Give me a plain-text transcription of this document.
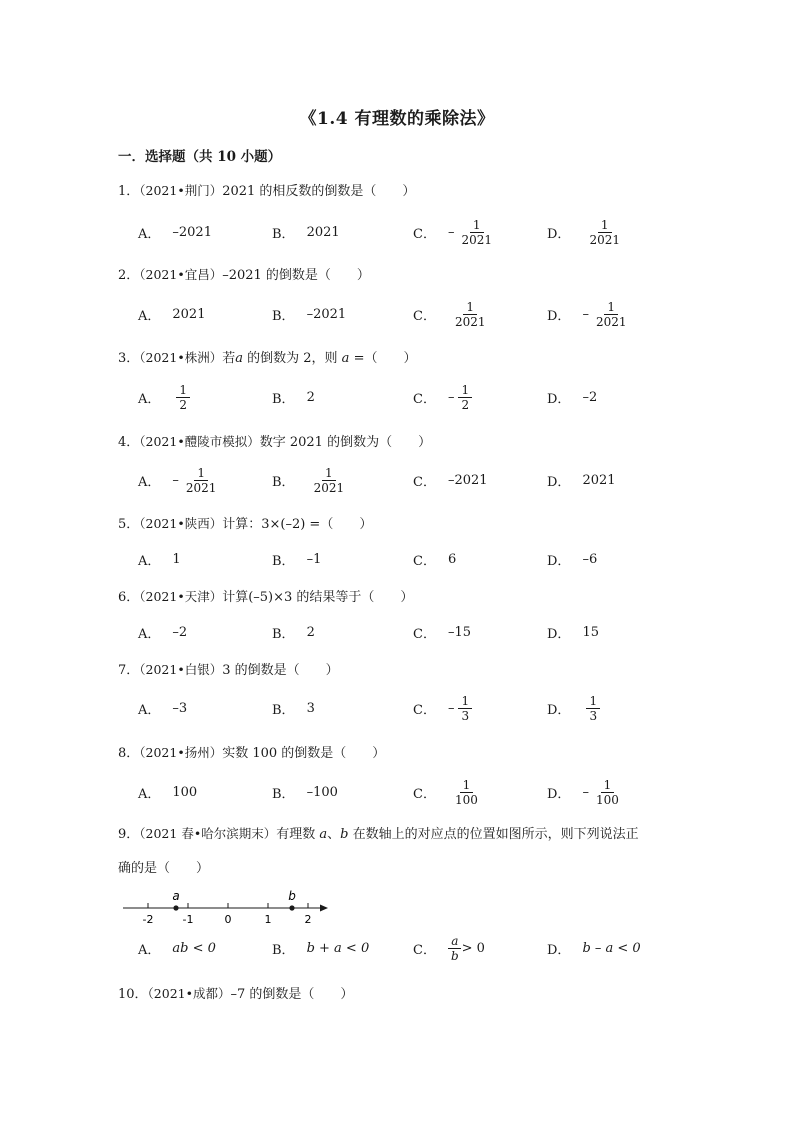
《1.4 有理数的乘除法》
一．选择题（共 10 小题）
1．（2021•荆门）2021 的相反数的倒数是（　　）
A． –2021	B． 2021	C． – $\frac{1}{2021}$	D． $\frac{1}{2021}$
2．（2021•宜昌）–2021 的倒数是（　　）
A． 2021	B． –2021	C． $\frac{1}{2021}$	D． – $\frac{1}{2021}$
3．（2021•株洲）若a 的倒数为 2，则 a =（　　）
A． $\frac{1}{2}$	B． 2	C． – $\frac{1}{2}$	D． –2
4．（2021•醴陵市模拟）数字 2021 的倒数为（　　）
A． – $\frac{1}{2021}$	B． $\frac{1}{2021}$	C． –2021	D． 2021
5．（2021•陕西）计算：3×(–2) =（　　）
A． 1	B． –1	C． 6	D． –6
6．（2021•天津）计算(–5)×3 的结果等于（　　）
A． –2	B． 2	C． –15	D． 15
7．（2021•白银）3 的倒数是（　　）
A． –3	B． 3	C． – $\frac{1}{3}$	D． $\frac{1}{3}$
8．（2021•扬州）实数 100 的倒数是（　　）
A． 100	B． –100	C． $\frac{1}{100}$	D． – $\frac{1}{100}$
9．（2021 春•哈尔滨期末）有理数 a、b 在数轴上的对应点的位置如图所示，则下列说法正
确的是（　　）
-2	-1	0	1	2
a	b
A． ab < 0	B． b + a < 0	C． $\frac{a}{b} > 0$	D． b – a < 0
10．（2021•成都）–7 的倒数是（　　）
